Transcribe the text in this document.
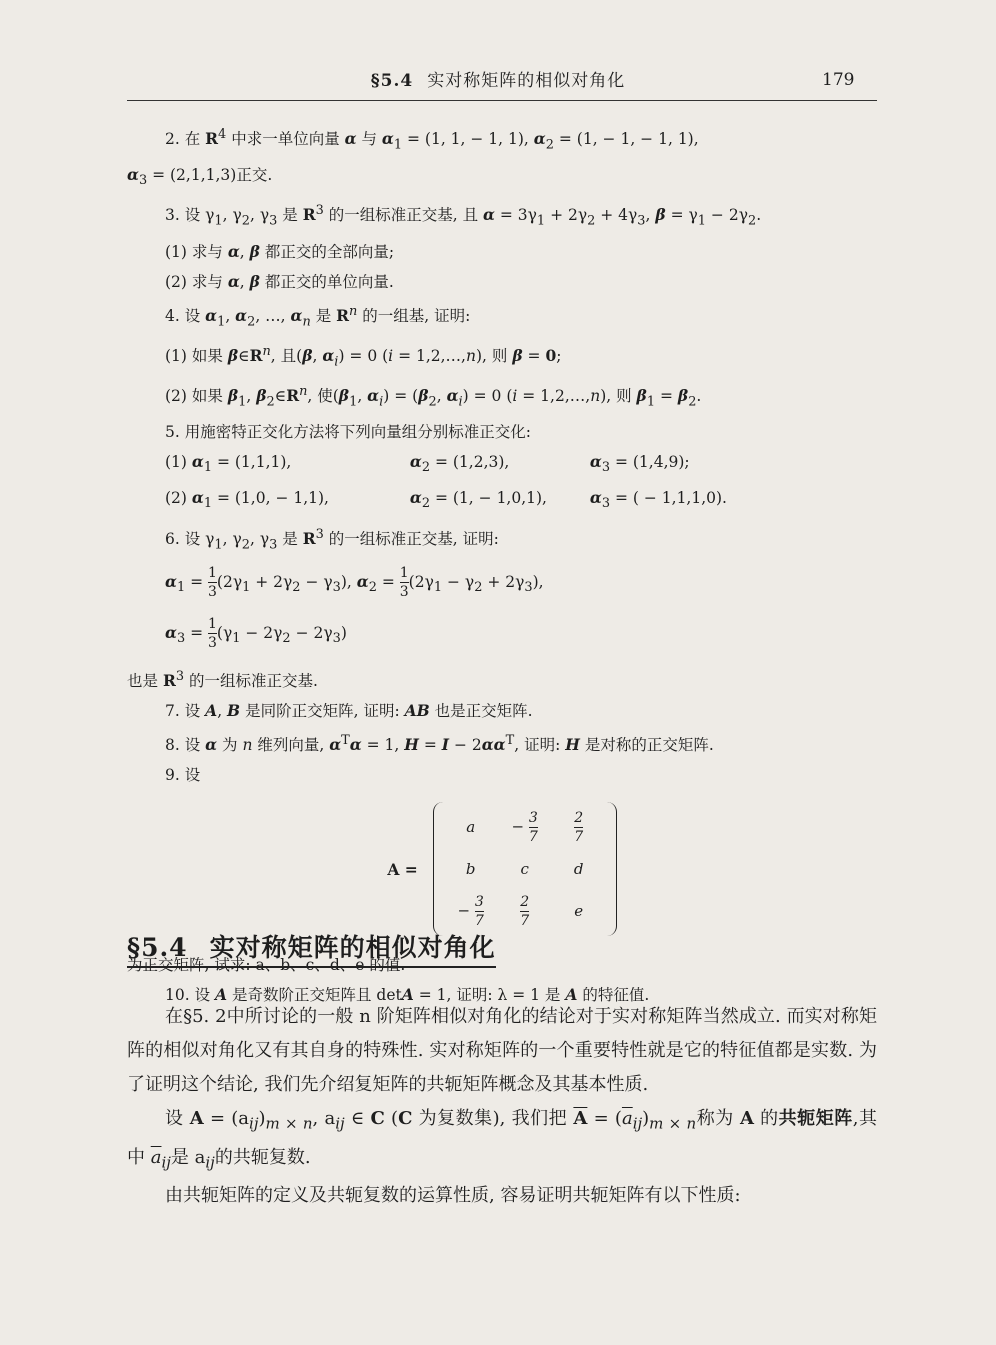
§5.4 实对称矩阵的相似对角化	179

2. 在 $R^4$ 中求一单位向量 α 与 $\alpha_1 = (1$, 1, − 1, 1), $\alpha_2 = (1$, − 1, − 1, 1),

$\alpha_3 = (2,1,1,3)$正交.

3. 设 $\gamma_1$, $\gamma_2$, $\gamma_3$ 是 $R^3$ 的一组标准正交基, 且 $\alpha = 3\gamma_1 + 2\gamma_2 + 4\gamma_3$, $\beta = \gamma_1 - 2\gamma_2$.

(1) 求与 α, β 都正交的全部向量;

(2) 求与 α, β 都正交的单位向量.

4. 设 $\alpha_1$, $\alpha_2$, …, $\alpha_n$ 是 $R^n$ 的一组基, 证明:

(1) 如果 $\beta\in R^n$, 且(β, $\alpha_i) = 0$ (i = 1,2,…,n), 则 β = 0;

(2) 如果 $\beta_1$, $\beta_2\in R^n$, 使($\beta_1$, $\alpha_i) = (\beta_2$, $\alpha_i) = 0$ (i = 1,2,…,n), 则 $\beta_1 = \beta_2$.

5. 用施密特正交化方法将下列向量组分别标准正交化:

(1) $\alpha_1 = (1,1,1)$,	$\alpha_2 = (1,2,3)$,	$\alpha_3 = (1,4,9)$;

(2) $\alpha_1 = (1,0$, − 1,1),	$\alpha_2 = (1$, − 1,0,1),	$\alpha_3$ = ( − 1,1,1,0).

6. 设 $\gamma_1$, $\gamma_2$, $\gamma_3$ 是 $R^3$ 的一组标准正交基, 证明:

$\alpha_1 = \frac{1}{3} (2\gamma_1 + 2\gamma_2 - \gamma_3)$, $\alpha_2 = \frac{1}{3} (2\gamma_1 - \gamma_2 + 2\gamma_3)$,

$\alpha_3 = \frac{1}{3} (\gamma_1 - 2\gamma_2 - 2\gamma_3)$

也是 $R^3$ 的一组标准正交基.

7. 设 A, B 是同阶正交矩阵, 证明: AB 也是正交矩阵.

8. 设 α 为 n 维列向量, $\alpha^T\alpha = 1$, $H = I - 2\alpha\alpha^T$, 证明: H 是对称的正交矩阵.

9. 设

A =
a	− $\frac{3}{7}$	$\frac{2}{7}$

b	c	d
− $\frac{3}{7}$	$\frac{2}{7}$	e

为正交矩阵, 试求: a、b、c、d、e 的值.

10. 设 A 是奇数阶正交矩阵且 detA = 1, 证明: λ = 1 是 A 的特征值.

§5.4 实对称矩阵的相似对角化

在§5. 2中所讨论的一般 n 阶矩阵相似对角化的结论对于实对称矩阵当然成立. 而实对称矩阵的相似对角化又有其自身的特殊性. 实对称矩阵的一个重要特性就是它的特征值都是实数. 为了证明这个结论, 我们先介绍复矩阵的共轭矩阵概念及其基本性质.

设 $A = (a_{ij})_{m \times n}$, $a_{ij}$ ∈ C (C 为复数集), 我们把 $\overline{A} = (\overline{a}_{ij})_{m \times n}$称为 A 的共轭矩阵,其中 $\overline{a}_{ij}$是 $a_{ij}$的共轭复数.

由共轭矩阵的定义及共轭复数的运算性质, 容易证明共轭矩阵有以下性质:
